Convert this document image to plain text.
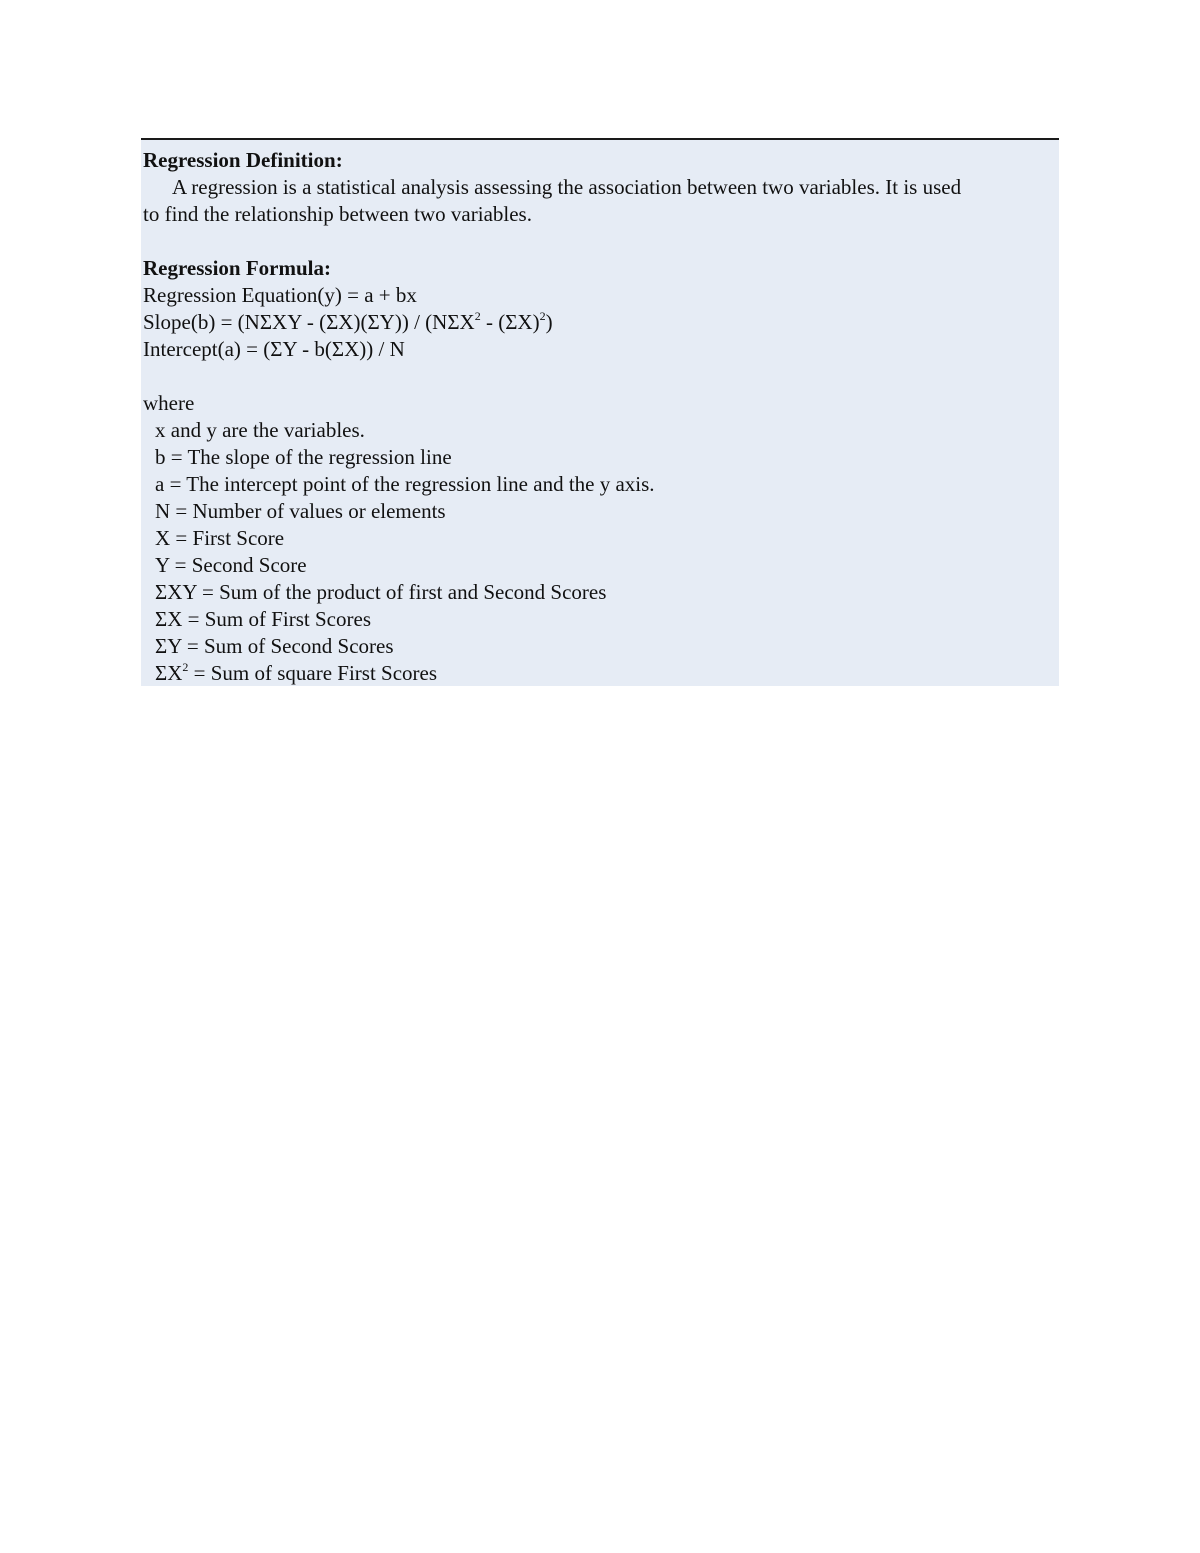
Regression Definition:
A regression is a statistical analysis assessing the association between two variables. It is used
to find the relationship between two variables.
Regression Formula:
Regression Equation(y) = a + bx
Slope(b) = $(N\Sigma XY - (\Sigma X)(\Sigma Y)) / (N\Sigma X^2 - (\Sigma X)^2)$
Intercept(a) = (ΣY - b(ΣX)) / N
where
x and y are the variables.
b = The slope of the regression line
a = The intercept point of the regression line and the y axis.
N = Number of values or elements
X = First Score
Y = Second Score
ΣXY = Sum of the product of first and Second Scores
ΣX = Sum of First Scores
ΣY = Sum of Second Scores
$\Sigma X^2$ = Sum of square First Scores
